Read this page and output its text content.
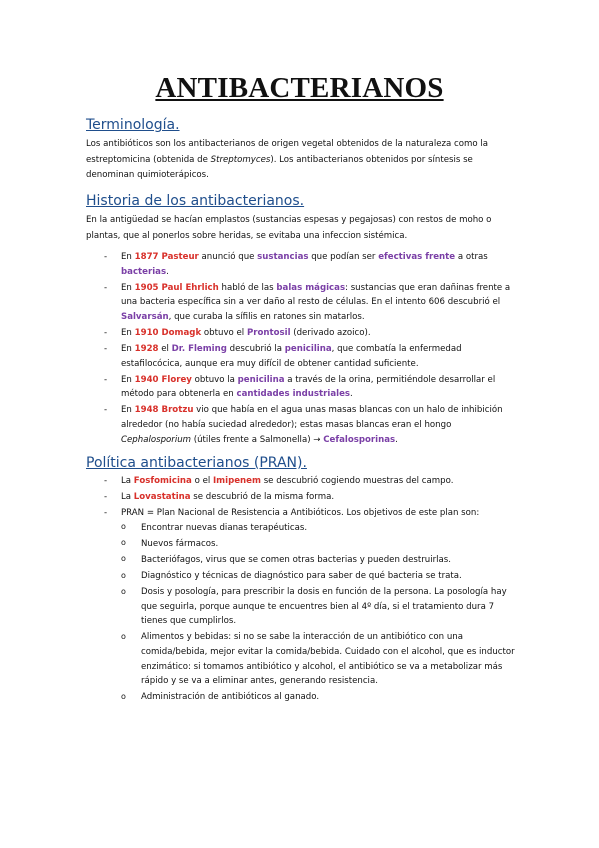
ANTIBACTERIANOS
Terminología.

Los antibióticos son los antibacterianos de origen vegetal obtenidos de la naturaleza como la estreptomicina (obtenida de Streptomyces). Los antibacterianos obtenidos por síntesis se denominan quimioterápicos.

Historia de los antibacterianos.

En la antigüedad se hacían emplastos (sustancias espesas y pegajosas) con restos de moho o plantas, que al ponerlos sobre heridas, se evitaba una infeccion sistémica.

- En 1877 Pasteur anunció que sustancias que podían ser efectivas frente a otras bacterias.
- En 1905 Paul Ehrlich habló de las balas mágicas: sustancias que eran dañinas frente a una bacteria específica sin a ver daño al resto de células. En el intento 606 descubrió el Salvarsán, que curaba la sífilis en ratones sin matarlos.
- En 1910 Domagk obtuvo el Prontosil (derivado azoico).
- En 1928 el Dr. Fleming descubrió la penicilina, que combatía la enfermedad estafilocócica, aunque era muy difícil de obtener cantidad suficiente.
- En 1940 Florey obtuvo la penicilina a través de la orina, permitiéndole desarrollar el método para obtenerla en cantidades industriales.
- En 1948 Brotzu vio que había en el agua unas masas blancas con un halo de inhibición alrededor (no había suciedad alrededor); estas masas blancas eran el hongo Cephalosporium (útiles frente a Salmonella) → Cefalosporinas.
Política antibacterianos (PRAN).
- La Fosfomicina o el Imipenem se descubrió cogiendo muestras del campo.
- La Lovastatina se descubrió de la misma forma.
- PRAN = Plan Nacional de Resistencia a Antibióticos. Los objetivos de este plan son:
o Encontrar nuevas dianas terapéuticas.
o Nuevos fármacos.
o Bacteriófagos, virus que se comen otras bacterias y pueden destruirlas.
o Diagnóstico y técnicas de diagnóstico para saber de qué bacteria se trata.
o Dosis y posología, para prescribir la dosis en función de la persona. La posología hay que seguirla, porque aunque te encuentres bien al 4º día, si el tratamiento dura 7 tienes que cumplirlos.
o Alimentos y bebidas: si no se sabe la interacción de un antibiótico con una comida/bebida, mejor evitar la comida/bebida. Cuidado con el alcohol, que es inductor enzimático: si tomamos antibiótico y alcohol, el antibiótico se va a metabolizar más rápido y se va a eliminar antes, generando resistencia.
o Administración de antibióticos al ganado.
